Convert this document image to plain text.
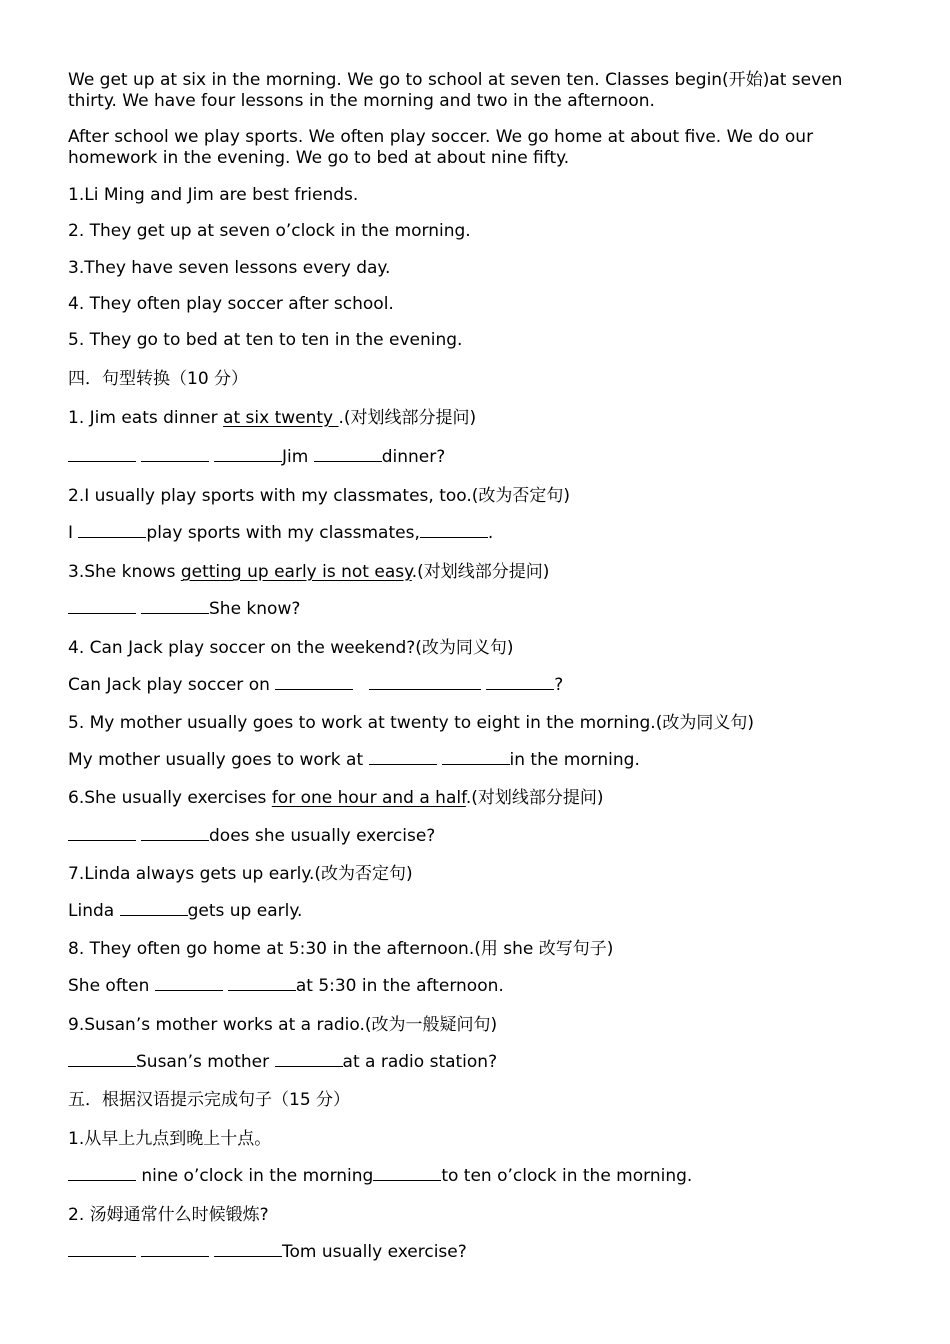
We get up at six in the morning. We go to school at seven ten. Classes begin(开始)at seven thirty. We have four lessons in the morning and two in the afternoon.

After school we play sports. We often play soccer. We go home at about five. We do our homework in the evening. We go to bed at about nine fifty.

1.Li Ming and Jim are best friends.

2. They get up at seven o’clock in the morning.

3.They have seven lessons every day.

4. They often play soccer after school.

5. They go to bed at ten to ten in the evening.

四．句型转换（10 分）

1. Jim eats dinner at six twenty .(对划线部分提问)

Jim	dinner?

2.I usually play sports with my classmates, too.(改为否定句)

I	play sports with my classmates,	.

3.She knows getting up early is not easy.(对划线部分提问)

She know?

4. Can Jack play soccer on the weekend?(改为同义句)

Can Jack play soccer on	?

5. My mother usually goes to work at twenty to eight in the morning.(改为同义句)

My mother usually goes to work at	in the morning.

6.She usually exercises for one hour and a half.(对划线部分提问)

does she usually exercise?

7.Linda always gets up early.(改为否定句)

Linda	gets up early.

8. They often go home at 5:30 in the afternoon.(用 she 改写句子)

She often	at 5:30 in the afternoon.

9.Susan’s mother works at a radio.(改为一般疑问句)

Susan’s mother	at a radio station?

五．根据汉语提示完成句子（15 分）

1.从早上九点到晚上十点。

nine o’clock in the morning	to ten o’clock in the morning.

2. 汤姆通常什么时候锻炼?

Tom usually exercise?
